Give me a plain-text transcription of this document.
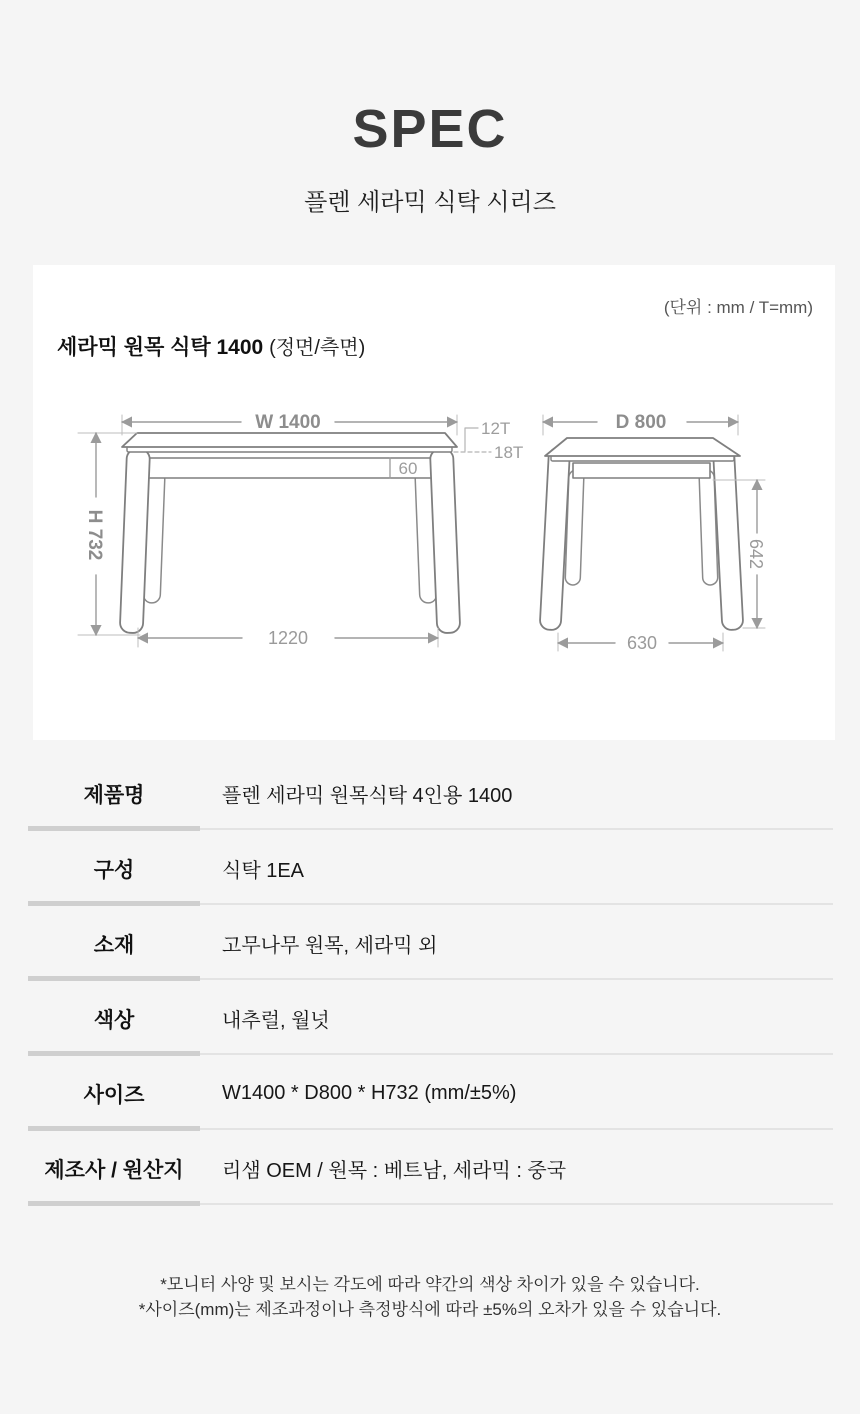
SPEC
플렌 세라믹 식탁 시리즈
(단위 : mm / T=mm)
세라믹 원목 식탁 1400 (정면/측면)
60
W 1400
H 732
1220
12T
18T
D 800
642
630
제품명	플렌 세라믹 원목식탁 4인용 1400
구성	식탁 1EA
소재	고무나무 원목, 세라믹 외
색상	내추럴, 월넛
사이즈	W1400 * D800 * H732 (mm/±5%)
제조사 / 원산지	리샘 OEM / 원목 : 베트남, 세라믹 : 중국
*모니터 사양 및 보시는 각도에 따라 약간의 색상 차이가 있을 수 있습니다.
*사이즈(mm)는 제조과정이나 측정방식에 따라 ±5%의 오차가 있을 수 있습니다.
